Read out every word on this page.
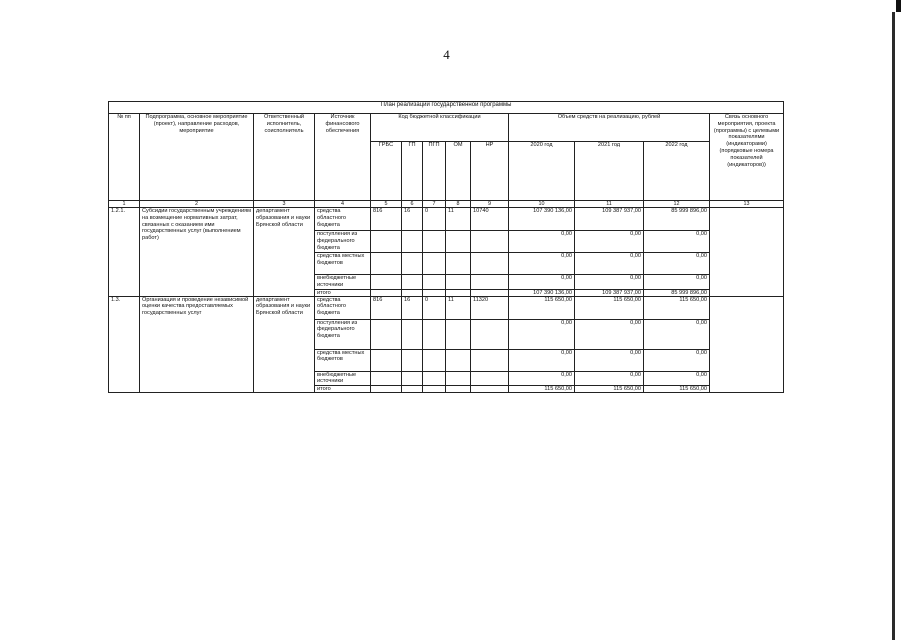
4
План реализации государственной программы												
№ пп	Подпрограмма, основное мероприятие (проект), направление расходов, мероприятие	Ответственный исполнитель, соисполнитель	Источник финансового обеспечения	Код бюджетной классификации					Объем средств на реализацию, рублей			Связь основного мероприятия, проекта (программы) с целевыми показателями (индикаторами) (порядковые номера показателей (индикаторов))
				ГРБС	ГП	ПГП	ОМ	НР	2020 год	2021 год	2022 год	
1	2	3	4	5	6	7	8	9	10	11	12	13
1.2.1.	Субсидии государственным учреждениям на возмещение нормативных затрат, связанных с оказанием ими государственных услуг (выполнением работ)	департамент образования и науки Брянской области	средства областного бюджета	816	16	0	11	10740	107 390 136,00	109 387 937,00	85 999 896,00	
			поступления из федерального бюджета						0,00	0,00	0,00	
			средства местных бюджетов						0,00	0,00	0,00	
			внебюджетные источники						0,00	0,00	0,00	
			итого						107 390 136,00	109 387 937,00	85 999 896,00	
1.3.	Организация и проведение независимой оценки качества предоставляемых государственных услуг	департамент образования и науки Брянской области	средства областного бюджета	816	16	0	11	11320	115 650,00	115 650,00	115 650,00	
			поступления из федерального бюджета						0,00	0,00	0,00	
			средства местных бюджетов						0,00	0,00	0,00	
			внебюджетные источники						0,00	0,00	0,00	
			итого						115 650,00	115 650,00	115 650,00	
